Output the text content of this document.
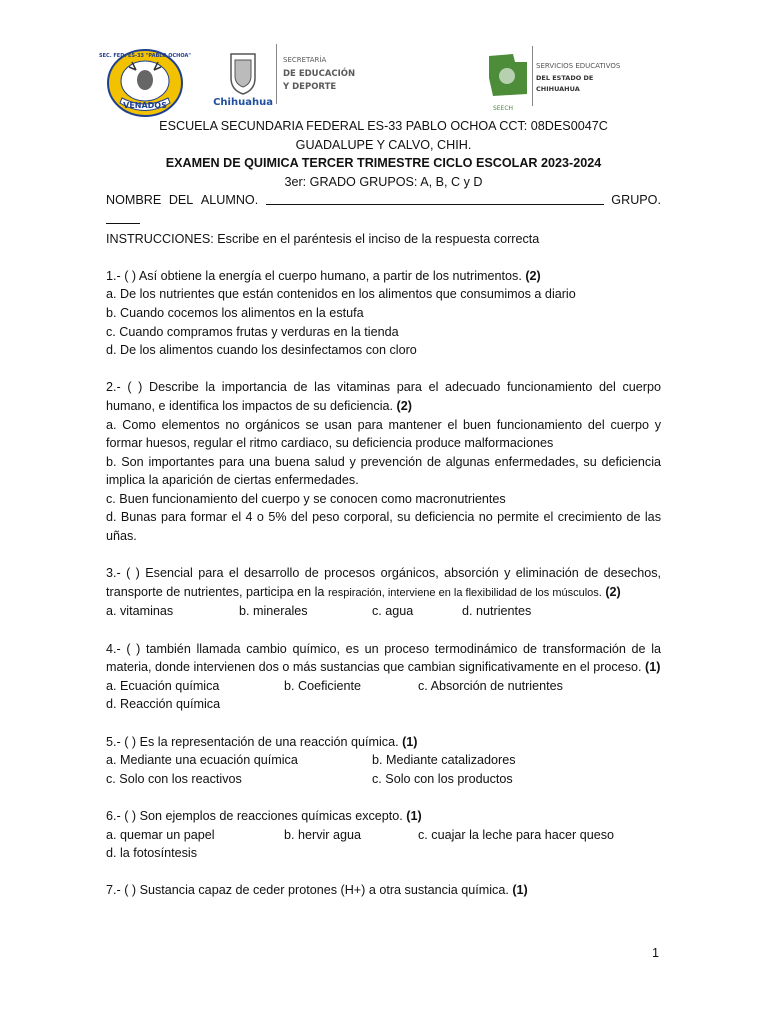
SEC. FED. ES-33 "PABLO OCHOA"
VENADOS	Chihuahua
SECRETARÍA
DE EDUCACIÓN
Y DEPORTE
SEECH
SERVICIOS EDUCATIVOS
DEL ESTADO DE
CHIHUAHUA

ESCUELA SECUNDARIA FEDERAL ES-33 PABLO OCHOA CCT: 08DES0047C

GUADALUPE Y CALVO, CHIH.

EXAMEN DE QUIMICA TERCER TRIMESTRE CICLO ESCOLAR 2023-2024

3er: GRADO GRUPOS: A, B, C y D

NOMBRE DEL ALUMNO.	GRUPO.

INSTRUCCIONES: Escribe en el paréntesis el inciso de la respuesta correcta

1.- ( ) Así obtiene la energía el cuerpo humano, a partir de los nutrimentos. (2)

a. De los nutrientes que están contenidos en los alimentos que consumimos a diario

b. Cuando cocemos los alimentos en la estufa

c. Cuando compramos frutas y verduras en la tienda

d. De los alimentos cuando los desinfectamos con cloro

2.- ( ) Describe la importancia de las vitaminas para el adecuado funcionamiento del cuerpo humano, e identifica los impactos de su deficiencia. (2)

a. Como elementos no orgánicos se usan para mantener el buen funcionamiento del cuerpo y formar huesos, regular el ritmo cardiaco, su deficiencia produce malformaciones

b. Son importantes para una buena salud y prevención de algunas enfermedades, su deficiencia implica la aparición de ciertas enfermedades.

c. Buen funcionamiento del cuerpo y se conocen como macronutrientes

d. Bunas para formar el 4 o 5% del peso corporal, su deficiencia no permite el crecimiento de las uñas.

3.- ( ) Esencial para el desarrollo de procesos orgánicos, absorción y eliminación de desechos, transporte de nutrientes, participa en la respiración, interviene en la flexibilidad de los músculos. (2)

a. vitaminas	b. minerales	c. agua	d. nutrientes

4.- ( ) también llamada cambio químico, es un proceso termodinámico de transformación de la materia, donde intervienen dos o más sustancias que cambian significativamente en el proceso. (1)

a. Ecuación química	b. Coeficiente	c. Absorción de nutrientes

d. Reacción química

5.- ( ) Es la representación de una reacción química. (1)

a. Mediante una ecuación química	b. Mediante catalizadores
c. Solo con los reactivos	c. Solo con los productos

6.- ( ) Son ejemplos de reacciones químicas excepto. (1)

a. quemar un papel	b. hervir agua	c. cuajar la leche para hacer queso

d. la fotosíntesis

7.- ( ) Sustancia capaz de ceder protones (H+) a otra sustancia química. (1)

1
